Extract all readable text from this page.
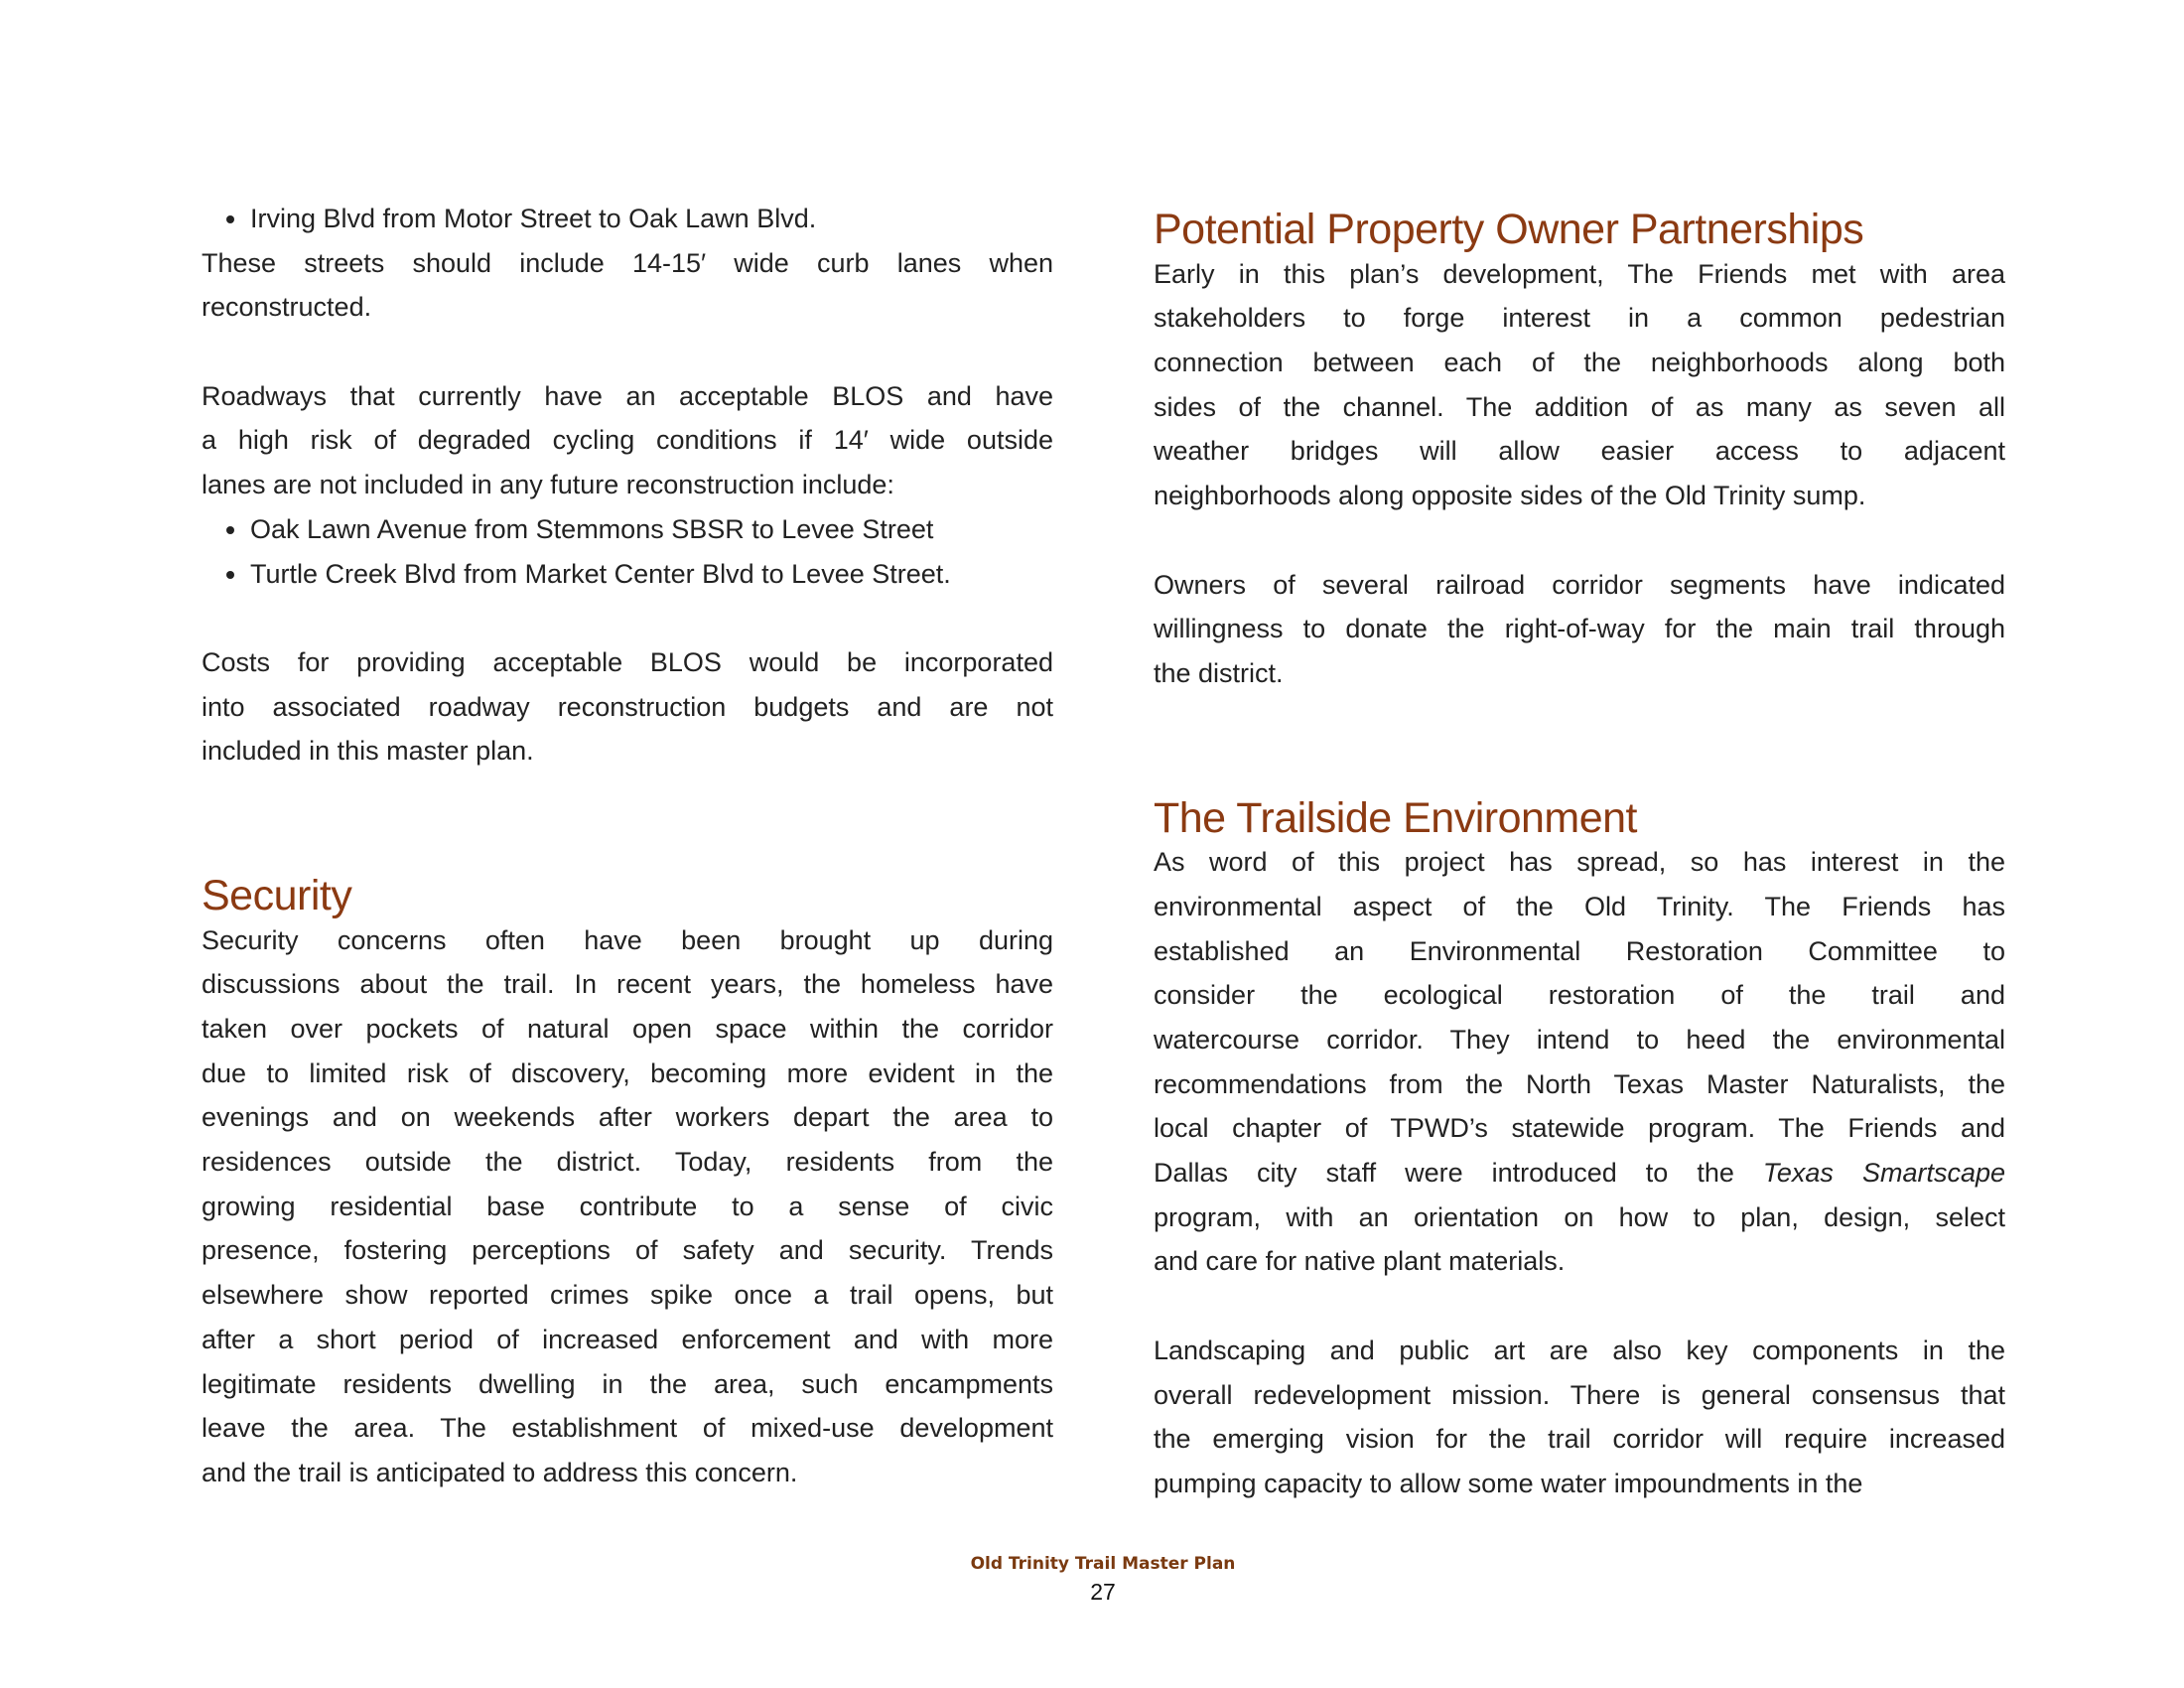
Irving Blvd from Motor Street to Oak Lawn Blvd.
These streets should include 14-15′ wide curb lanes when
reconstructed.
Roadways that currently have an acceptable BLOS and have
a high risk of degraded cycling conditions if 14′ wide outside
lanes are not included in any future reconstruction include:
Oak Lawn Avenue from Stemmons SBSR to Levee Street
Turtle Creek Blvd from Market Center Blvd to Levee Street.
Costs for providing acceptable BLOS would be incorporated
into associated roadway reconstruction budgets and are not
included in this master plan.
Security
Security concerns often have been brought up during
discussions about the trail. In recent years, the homeless have
taken over pockets of natural open space within the corridor
due to limited risk of discovery, becoming more evident in the
evenings and on weekends after workers depart the area to
residences outside the district. Today, residents from the
growing residential base contribute to a sense of civic
presence, fostering perceptions of safety and security. Trends
elsewhere show reported crimes spike once a trail opens, but
after a short period of increased enforcement and with more
legitimate residents dwelling in the area, such encampments
leave the area. The establishment of mixed-use development
and the trail is anticipated to address this concern.
Potential Property Owner Partnerships
Early in this plan’s development, The Friends met with area
stakeholders to forge interest in a common pedestrian
connection between each of the neighborhoods along both
sides of the channel. The addition of as many as seven all
weather bridges will allow easier access to adjacent
neighborhoods along opposite sides of the Old Trinity sump.
Owners of several railroad corridor segments have indicated
willingness to donate the right-of-way for the main trail through
the district.
The Trailside Environment
As word of this project has spread, so has interest in the
environmental aspect of the Old Trinity. The Friends has
established an Environmental Restoration Committee to
consider the ecological restoration of the trail and
watercourse corridor. They intend to heed the environmental
recommendations from the North Texas Master Naturalists, the
local chapter of TPWD’s statewide program. The Friends and
Dallas city staff were introduced to the Texas Smartscape
program, with an orientation on how to plan, design, select
and care for native plant materials.
Landscaping and public art are also key components in the
overall redevelopment mission. There is general consensus that
the emerging vision for the trail corridor will require increased
pumping capacity to allow some water impoundments in the
Old Trinity Trail Master Plan
27
